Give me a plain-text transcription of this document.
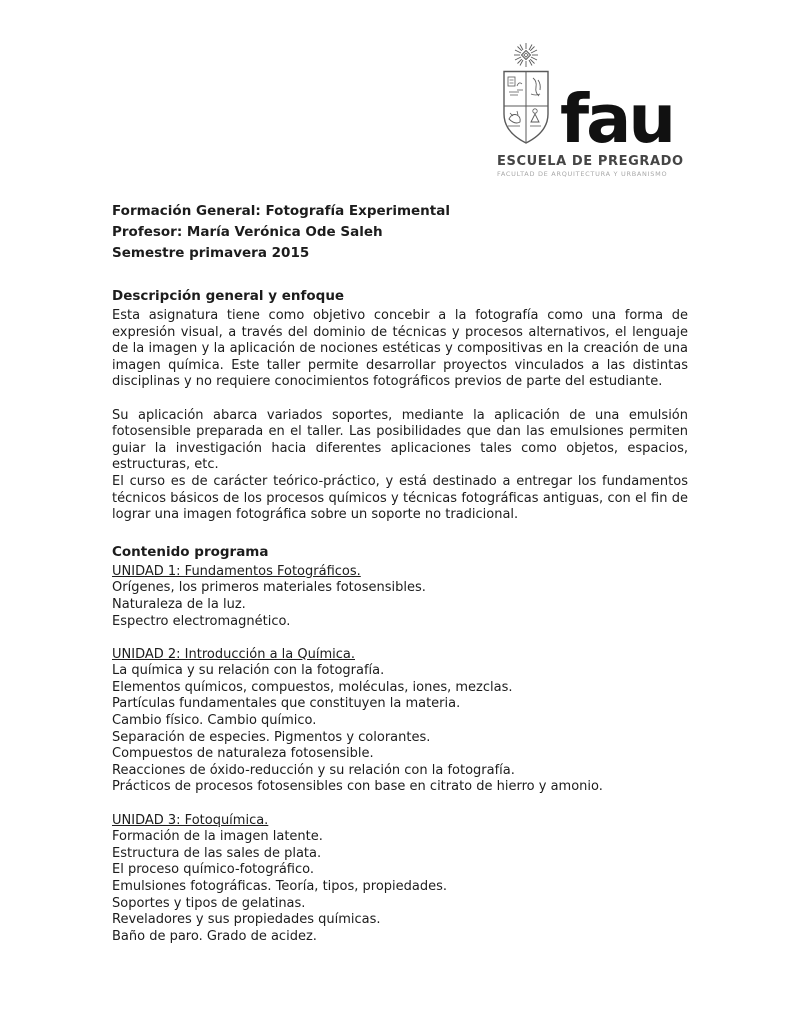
fau
ESCUELA DE PREGRADO
FACULTAD DE ARQUITECTURA Y URBANISMO
Formación General: Fotografía Experimental
Profesor: María Verónica Ode Saleh
Semestre primavera 2015
Descripción general y enfoque

Esta asignatura tiene como objetivo concebir a la fotografía como una forma de expresión visual, a través del dominio de técnicas y procesos alternativos, el lenguaje de la imagen y la aplicación de nociones estéticas y compositivas en la creación de una imagen química. Este taller permite desarrollar proyectos vinculados a las distintas disciplinas y no requiere conocimientos fotográficos previos de parte del estudiante.

Su aplicación abarca variados soportes, mediante la aplicación de una emulsión fotosensible preparada en el taller. Las posibilidades que dan las emulsiones permiten guiar la investigación hacia diferentes aplicaciones tales como objetos, espacios, estructuras, etc.

El curso es de carácter teórico-práctico, y está destinado a entregar los fundamentos técnicos básicos de los procesos químicos y técnicas fotográficas antiguas, con el fin de lograr una imagen fotográfica sobre un soporte no tradicional.

Contenido programa
UNIDAD 1: Fundamentos Fotográficos.
Orígenes, los primeros materiales fotosensibles.
Naturaleza de la luz.
Espectro electromagnético.
UNIDAD 2: Introducción a la Química.
La química y su relación con la fotografía.
Elementos químicos, compuestos, moléculas, iones, mezclas.
Partículas fundamentales que constituyen la materia.
Cambio físico. Cambio químico.
Separación de especies. Pigmentos y colorantes.
Compuestos de naturaleza fotosensible.
Reacciones de óxido-reducción y su relación con la fotografía.
Prácticos de procesos fotosensibles con base en citrato de hierro y amonio.
UNIDAD 3: Fotoquímica.
Formación de la imagen latente.
Estructura de las sales de plata.
El proceso químico-fotográfico.
Emulsiones fotográficas. Teoría, tipos, propiedades.
Soportes y tipos de gelatinas.
Reveladores y sus propiedades químicas.
Baño de paro. Grado de acidez.
